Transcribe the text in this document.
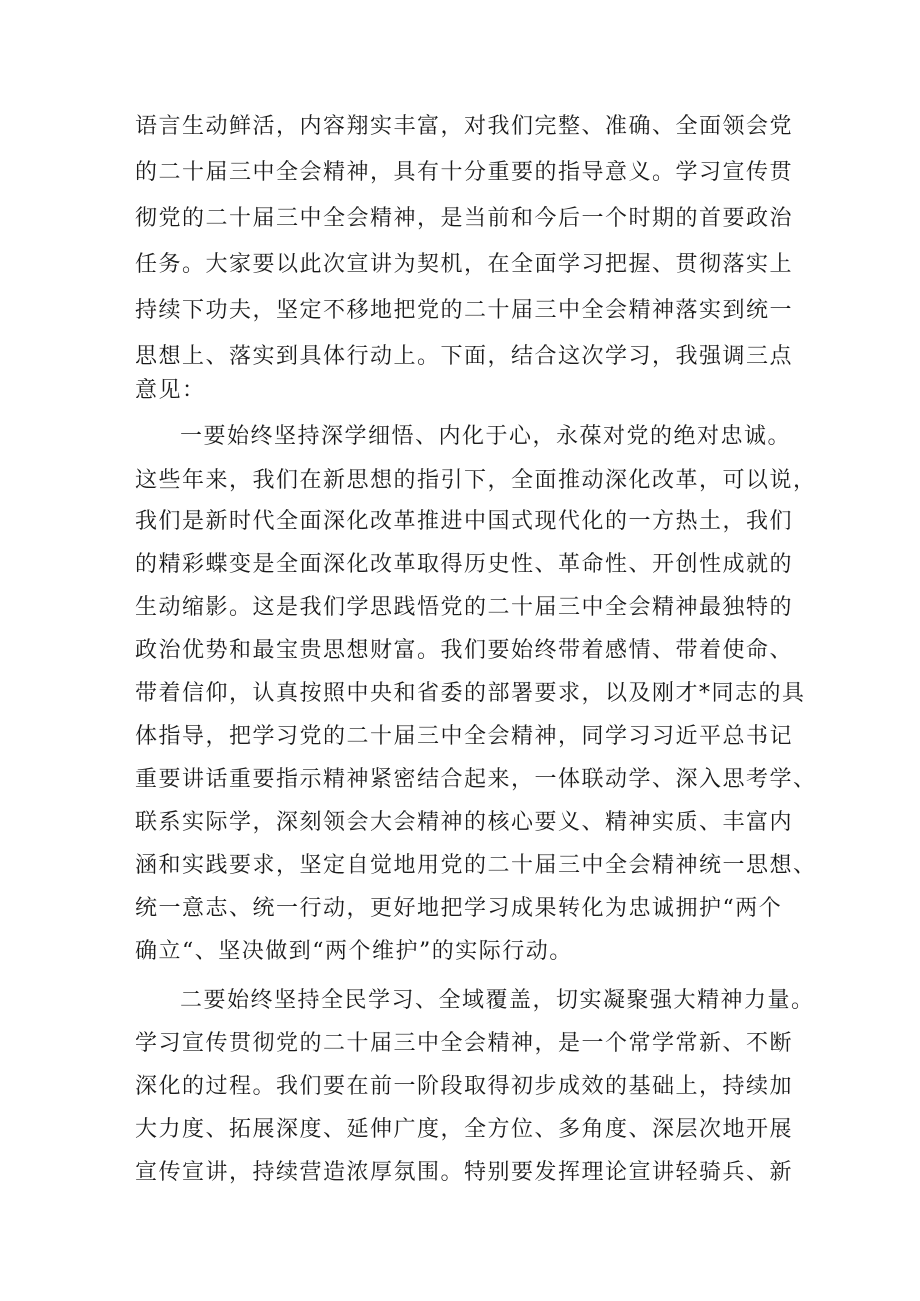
语言生动鲜活，内容翔实丰富，对我们完整、准确、全面领会党
的二十届三中全会精神，具有十分重要的指导意义。学习宣传贯
彻党的二十届三中全会精神，是当前和今后一个时期的首要政治
任务。大家要以此次宣讲为契机，在全面学习把握、贯彻落实上
持续下功夫，坚定不移地把党的二十届三中全会精神落实到统一
思想上、落实到具体行动上。下面，结合这次学习，我强调三点
意见：
一要始终坚持深学细悟、内化于心，永葆对党的绝对忠诚。
这些年来，我们在新思想的指引下，全面推动深化改革，可以说，
我们是新时代全面深化改革推进中国式现代化的一方热土，我们
的精彩蝶变是全面深化改革取得历史性、革命性、开创性成就的
生动缩影。这是我们学思践悟党的二十届三中全会精神最独特的
政治优势和最宝贵思想财富。我们要始终带着感情、带着使命、
带着信仰，认真按照中央和省委的部署要求，以及刚才*同志的具
体指导，把学习党的二十届三中全会精神，同学习习近平总书记
重要讲话重要指示精神紧密结合起来，一体联动学、深入思考学、
联系实际学，深刻领会大会精神的核心要义、精神实质、丰富内
涵和实践要求，坚定自觉地用党的二十届三中全会精神统一思想、
统一意志、统一行动，更好地把学习成果转化为忠诚拥护“两个
确立“、坚决做到“两个维护”的实际行动。
二要始终坚持全民学习、全域覆盖，切实凝聚强大精神力量。
学习宣传贯彻党的二十届三中全会精神，是一个常学常新、不断
深化的过程。我们要在前一阶段取得初步成效的基础上，持续加
大力度、拓展深度、延伸广度，全方位、多角度、深层次地开展
宣传宣讲，持续营造浓厚氛围。特别要发挥理论宣讲轻骑兵、新
